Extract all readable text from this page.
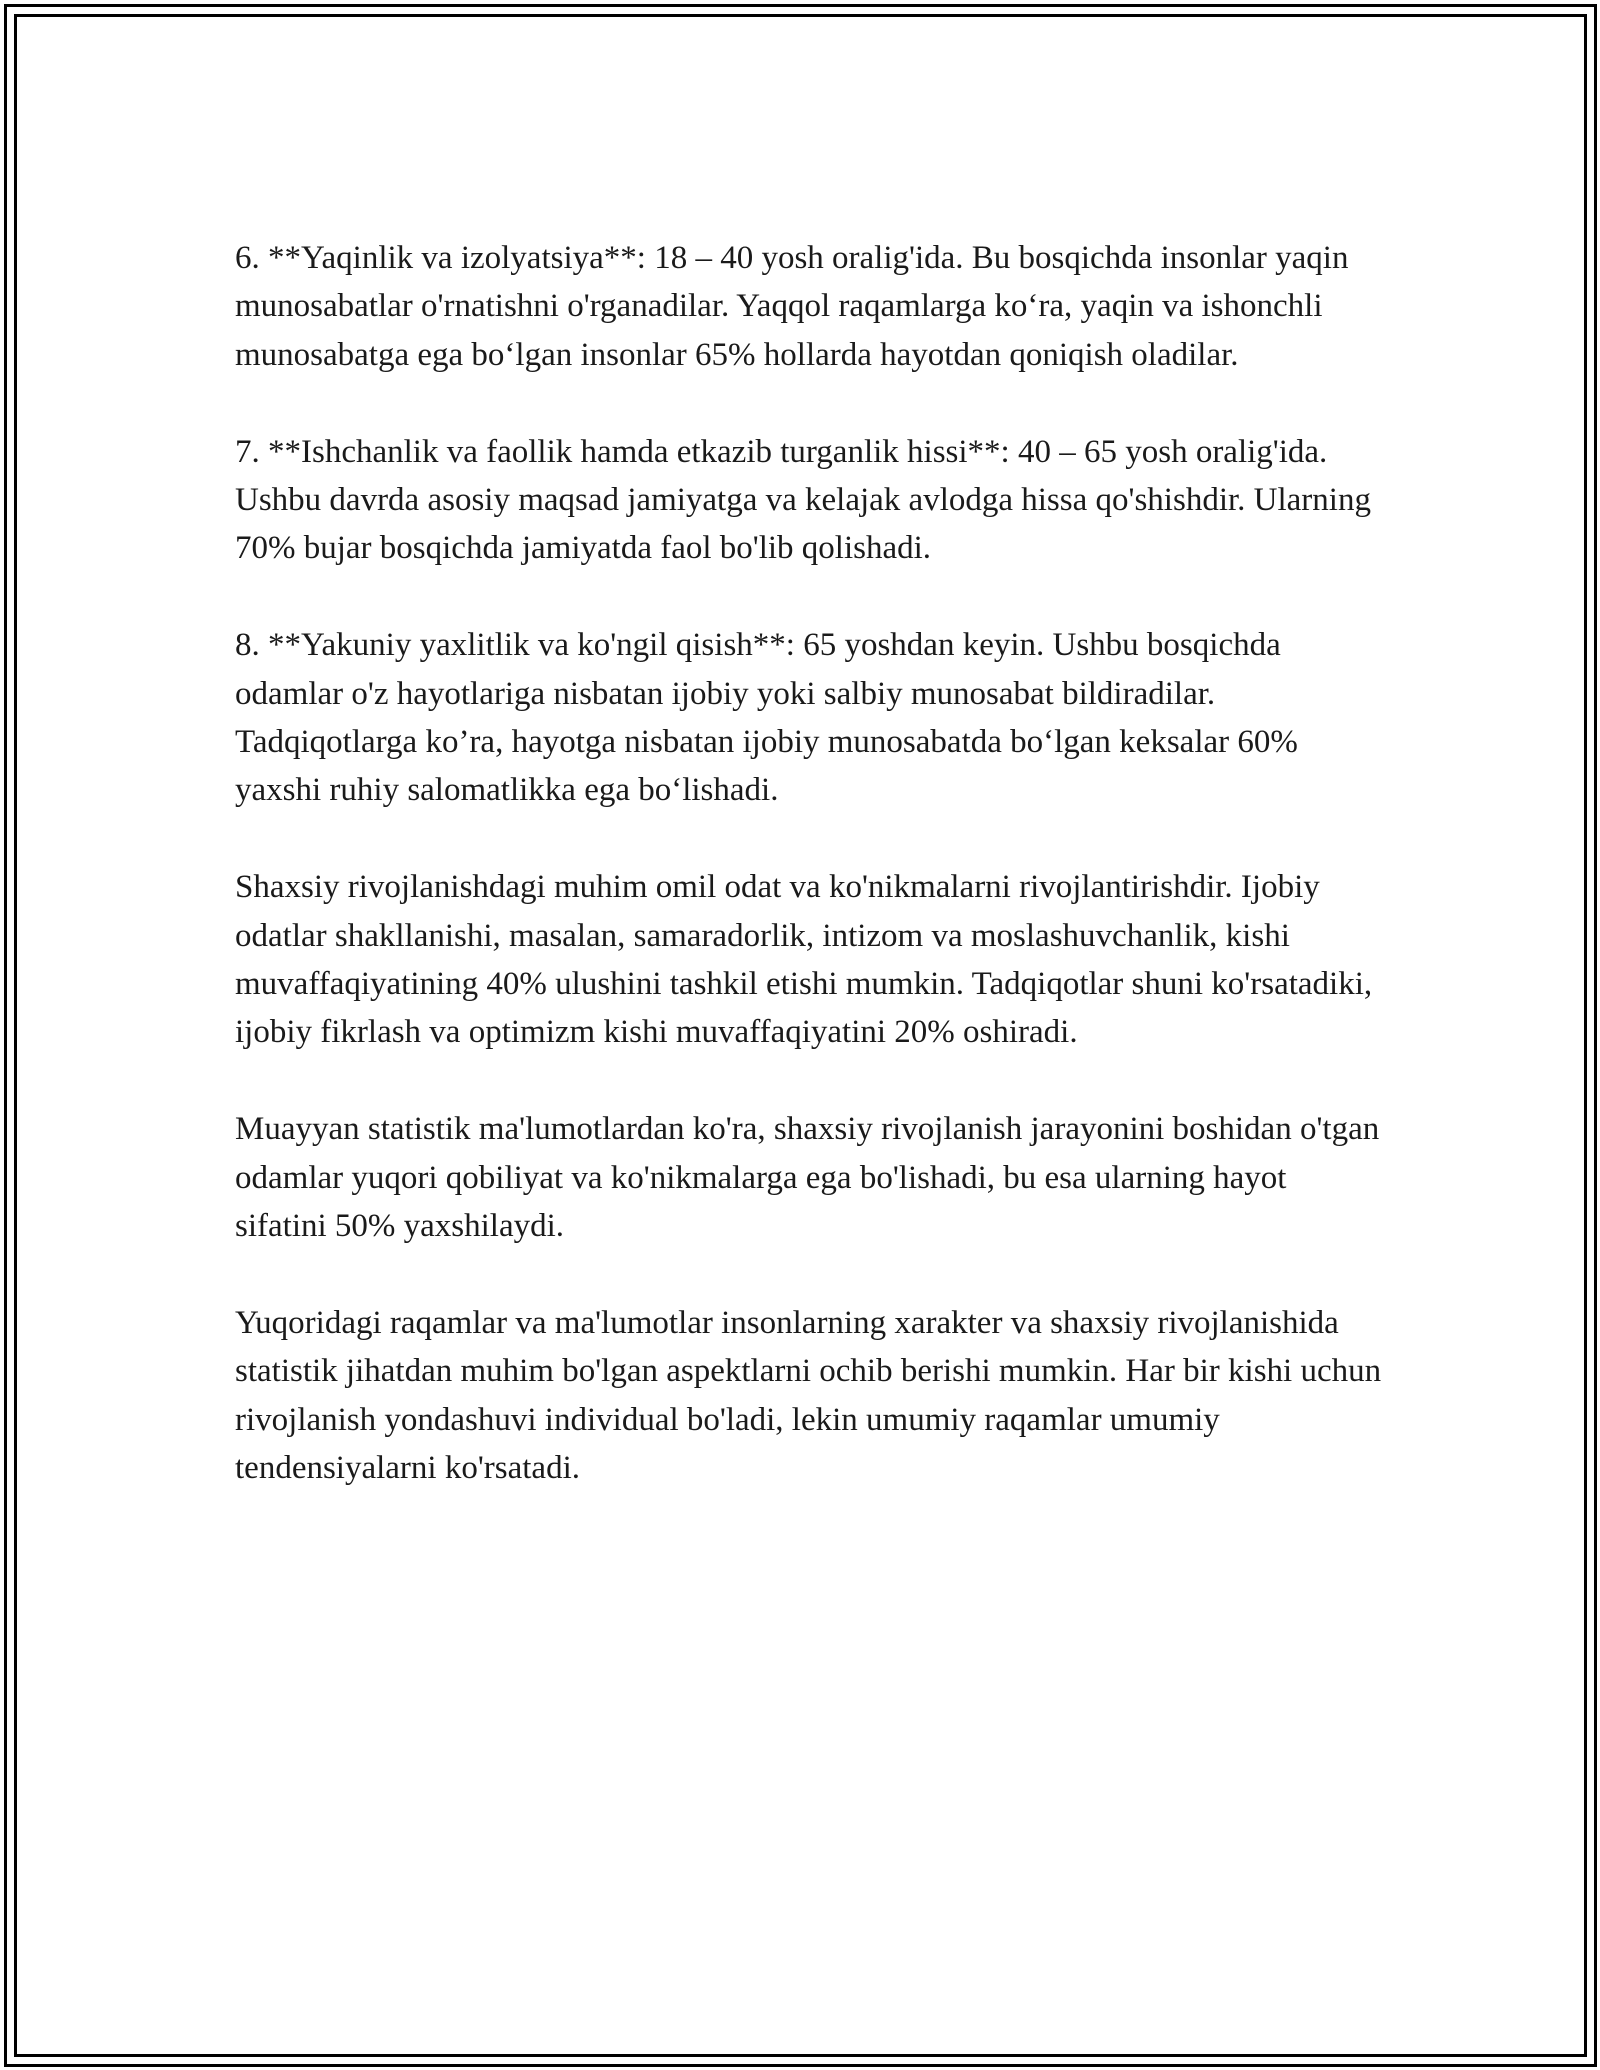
6. **Yaqinlik va izolyatsiya**: 18 – 40 yosh oralig'ida. Bu bosqichda insonlar yaqin munosabatlar o'rnatishni o'rganadilar. Yaqqol raqamlarga ko‘ra, yaqin va ishonchli munosabatga ega bo‘lgan insonlar 65% hollarda hayotdan qoniqish oladilar.

7. **Ishchanlik va faollik hamda etkazib turganlik hissi**: 40 – 65 yosh oralig'ida. Ushbu davrda asosiy maqsad jamiyatga va kelajak avlodga hissa qo'shishdir. Ularning 70% bujar bosqichda jamiyatda faol bo'lib qolishadi.

8. **Yakuniy yaxlitlik va ko'ngil qisish**: 65 yoshdan keyin. Ushbu bosqichda odamlar o'z hayotlariga nisbatan ijobiy yoki salbiy munosabat bildiradilar. Tadqiqotlarga ko’ra, hayotga nisbatan ijobiy munosabatda bo‘lgan keksalar 60% yaxshi ruhiy salomatlikka ega bo‘lishadi.

Shaxsiy rivojlanishdagi muhim omil odat va ko'nikmalarni rivojlantirishdir. Ijobiy odatlar shakllanishi, masalan, samaradorlik, intizom va moslashuvchanlik, kishi muvaffaqiyatining 40% ulushini tashkil etishi mumkin. Tadqiqotlar shuni ko'rsatadiki, ijobiy fikrlash va optimizm kishi muvaffaqiyatini 20% oshiradi.

Muayyan statistik ma'lumotlardan ko'ra, shaxsiy rivojlanish jarayonini boshidan o'tgan odamlar yuqori qobiliyat va ko'nikmalarga ega bo'lishadi, bu esa ularning hayot sifatini 50% yaxshilaydi.

Yuqoridagi raqamlar va ma'lumotlar insonlarning xarakter va shaxsiy rivojlanishida statistik jihatdan muhim bo'lgan aspektlarni ochib berishi mumkin. Har bir kishi uchun rivojlanish yondashuvi individual bo'ladi, lekin umumiy raqamlar umumiy tendensiyalarni ko'rsatadi.
